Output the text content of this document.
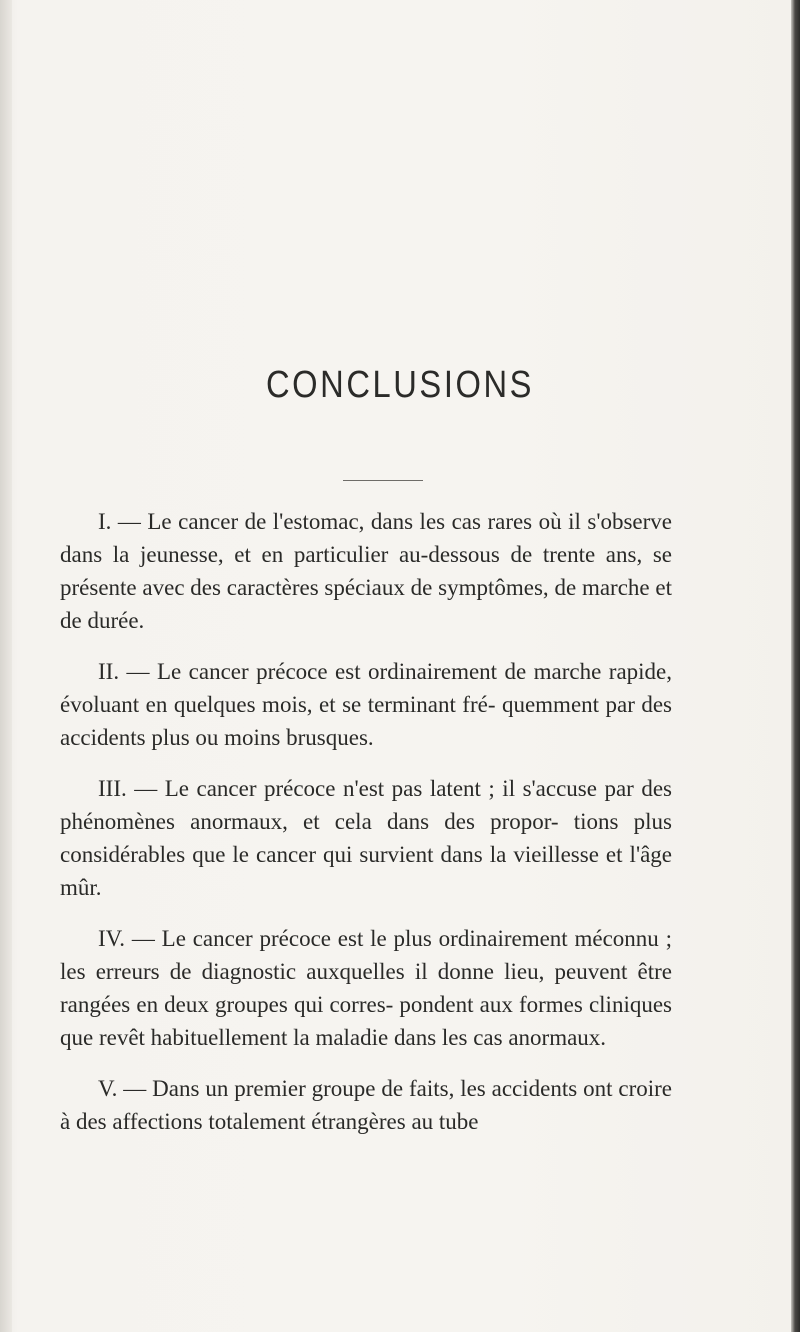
CONCLUSIONS

I. — Le cancer de l'estomac, dans les cas rares où il s'observe dans la jeunesse, et en particulier au-dessous de trente ans, se présente avec des caractères spéciaux de symptômes, de marche et de durée.

II. — Le cancer précoce est ordinairement de marche rapide, évoluant en quelques mois, et se terminant fré- quemment par des accidents plus ou moins brusques.

III. — Le cancer précoce n'est pas latent ; il s'accuse par des phénomènes anormaux, et cela dans des propor- tions plus considérables que le cancer qui survient dans la vieillesse et l'âge mûr.

IV. — Le cancer précoce est le plus ordinairement méconnu ; les erreurs de diagnostic auxquelles il donne lieu, peuvent être rangées en deux groupes qui corres- pondent aux formes cliniques que revêt habituellement la maladie dans les cas anormaux.

V. — Dans un premier groupe de faits, les accidents ont croire à des affections totalement étrangères au tube
